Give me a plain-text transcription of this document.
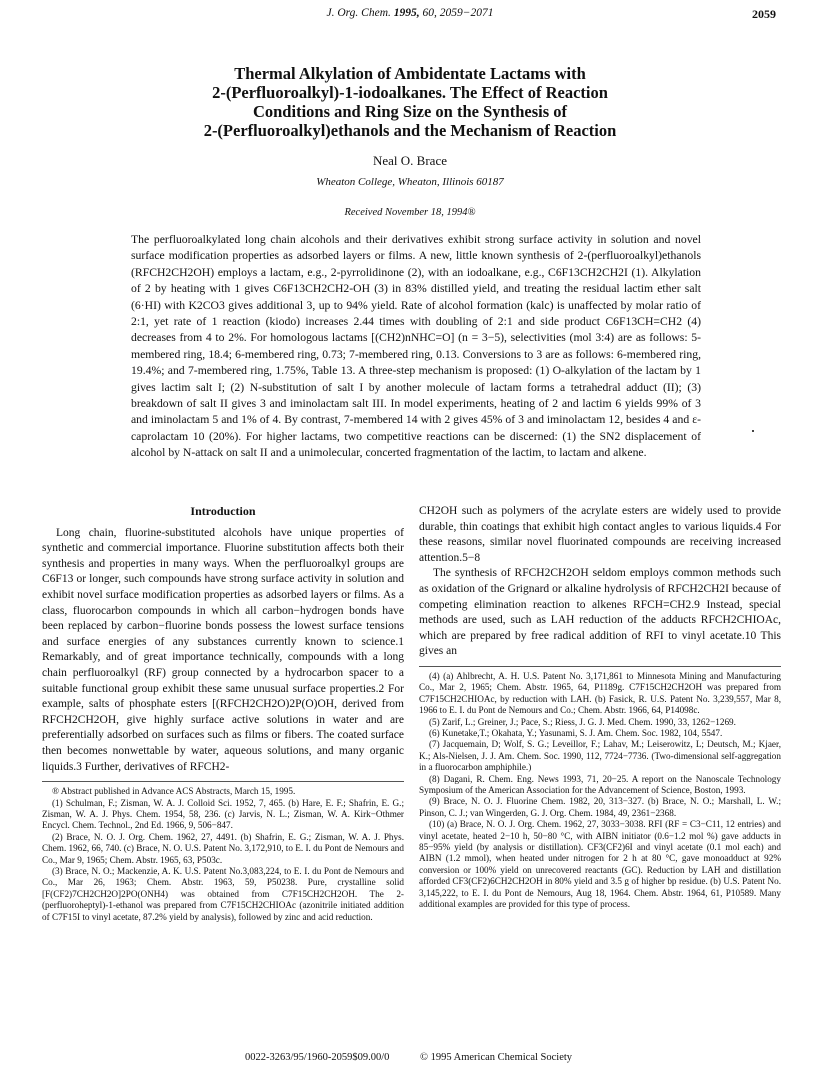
J. Org. Chem. 1995, 60, 2059−2071	2059
Thermal Alkylation of Ambidentate Lactams with
2-(Perfluoroalkyl)-1-iodoalkanes. The Effect of Reaction
Conditions and Ring Size on the Synthesis of
2-(Perfluoroalkyl)ethanols and the Mechanism of Reaction
Neal O. Brace
Wheaton College, Wheaton, Illinois 60187
Received November 18, 1994®

The perfluoroalkylated long chain alcohols and their derivatives exhibit strong surface activity in solution and novel surface modification properties as adsorbed layers or films. A new, little known synthesis of 2-(perfluoroalkyl)ethanols (RFCH2CH2OH) employs a lactam, e.g., 2-pyrrolidinone (2), with an iodoalkane, e.g., C6F13CH2CH2I (1). Alkylation of 2 by heating with 1 gives C6F13CH2CH2-OH (3) in 83% distilled yield, and treating the residual lactim ether salt (6·HI) with K2CO3 gives additional 3, up to 94% yield. Rate of alcohol formation (kalc) is unaffected by molar ratio of 2:1, yet rate of 1 reaction (kiodo) increases 2.44 times with doubling of 2:1 and side product C6F13CH=CH2 (4) decreases from 4 to 2%. For homologous lactams [(CH2)nNHC=O] (n = 3−5), selectivities (mol 3:4) are as follows: 5-membered ring, 18.4; 6-membered ring, 0.73; 7-membered ring, 0.13. Conversions to 3 are as follows: 6-membered ring, 19.4%; and 7-membered ring, 1.75%, Table 13. A three-step mechanism is proposed: (1) O-alkylation of the lactam by 1 gives lactim salt I; (2) N-substitution of salt I by another molecule of lactam forms a tetrahedral adduct (II); (3) breakdown of salt II gives 3 and iminolactam salt III. In model experiments, heating of 2 and lactim 6 yields 99% of 3 and iminolactam 5 and 1% of 4. By contrast, 7-membered 14 with 2 gives 45% of 3 and iminolactam 12, besides 4 and ε-caprolactam 10 (20%). For higher lactams, two competitive reactions can be discerned: (1) the SN2 displacement of alcohol by N-attack on salt II and a unimolecular, concerted fragmentation of the lactim, to lactam and alkene.

Introduction

Long chain, fluorine-substituted alcohols have unique properties of synthetic and commercial importance. Fluorine substitution affects both their synthesis and properties in many ways. When the perfluoroalkyl groups are C6F13 or longer, such compounds have strong surface activity in solution and exhibit novel surface modification properties as adsorbed layers or films. As a class, fluorocarbon compounds in which all carbon−hydrogen bonds have been replaced by carbon−fluorine bonds possess the lowest surface tensions and surface energies of any substances currently known to science.1 Remarkably, and of great importance technically, compounds with a long chain perfluoroalkyl (RF) group connected by a hydrocarbon spacer to a suitable functional group exhibit these same unusual surface properties.2 For example, salts of phosphate esters [(RFCH2CH2O)2P(O)OH, derived from RFCH2CH2OH, give highly surface active solutions in water and are preferentially adsorbed on surfaces such as films or fibers. The coated surface then becomes nonwettable by water, aqueous solutions, and many organic liquids.3 Further, derivatives of RFCH2-

® Abstract published in Advance ACS Abstracts, March 15, 1995.

(1) Schulman, F.; Zisman, W. A. J. Colloid Sci. 1952, 7, 465. (b) Hare, E. F.; Shafrin, E. G.; Zisman, W. A. J. Phys. Chem. 1954, 58, 236. (c) Jarvis, N. L.; Zisman, W. A. Kirk−Othmer Encycl. Chem. Technol., 2nd Ed. 1966, 9, 506−847.

(2) Brace, N. O. J. Org. Chem. 1962, 27, 4491. (b) Shafrin, E. G.; Zisman, W. A. J. Phys. Chem. 1962, 66, 740. (c) Brace, N. O. U.S. Patent No. 3,172,910, to E. I. du Pont de Nemours and Co., Mar 9, 1965; Chem. Abstr. 1965, 63, P503c.

(3) Brace, N. O.; Mackenzie, A. K. U.S. Patent No.3,083,224, to E. I. du Pont de Nemours and Co., Mar 26, 1963; Chem. Abstr. 1963, 59, P50238. Pure, crystalline solid [F(CF2)7CH2CH2O]2PO(ONH4) was obtained from C7F15CH2CH2OH. The 2-(perfluoroheptyl)-1-ethanol was prepared from C7F15CH2CHIOAc (azonitrile initiated addition of C7F15I to vinyl acetate, 87.2% yield by analysis), followed by zinc and acid reduction.

CH2OH such as polymers of the acrylate esters are widely used to provide durable, thin coatings that exhibit high contact angles to various liquids.4 For these reasons, similar novel fluorinated compounds are receiving increased attention.5−8

The synthesis of RFCH2CH2OH seldom employs common methods such as oxidation of the Grignard or alkaline hydrolysis of RFCH2CH2I because of competing elimination reaction to alkenes RFCH=CH2.9 Instead, special methods are used, such as LAH reduction of the adducts RFCH2CHIOAc, which are prepared by free radical addition of RFI to vinyl acetate.10 This gives an

(4) (a) Ahlbrecht, A. H. U.S. Patent No. 3,171,861 to Minnesota Mining and Manufacturing Co., Mar 2, 1965; Chem. Abstr. 1965, 64, P1189g. C7F15CH2CH2OH was prepared from C7F15CH2CHIOAc, by reduction with LAH. (b) Fasick, R. U.S. Patent No. 3,239,557, Mar 8, 1966 to E. I. du Pont de Nemours and Co.; Chem. Abstr. 1966, 64, P14098c.

(5) Zarif, L.; Greiner, J.; Pace, S.; Riess, J. G. J. Med. Chem. 1990, 33, 1262−1269.

(6) Kunetake,T.; Okahata, Y.; Yasunami, S. J. Am. Chem. Soc. 1982, 104, 5547.

(7) Jacquemain, D; Wolf, S. G.; Leveillor, F.; Lahav, M.; Leiserowitz, L; Deutsch, M.; Kjaer, K.; Als-Nielsen, J. J. Am. Chem. Soc. 1990, 112, 7724−7736. (Two-dimensional self-aggregation in a fluorocarbon amphiphile.)

(8) Dagani, R. Chem. Eng. News 1993, 71, 20−25. A report on the Nanoscale Technology Symposium of the American Association for the Advancement of Science, Boston, 1993.

(9) Brace, N. O. J. Fluorine Chem. 1982, 20, 313−327. (b) Brace, N. O.; Marshall, L. W.; Pinson, C. J.; van Wingerden, G. J. Org. Chem. 1984, 49, 2361−2368.

(10) (a) Brace, N. O. J. Org. Chem. 1962, 27, 3033−3038. RFI (RF = C3−C11, 12 entries) and vinyl acetate, heated 2−10 h, 50−80 °C, with AIBN initiator (0.6−1.2 mol %) gave adducts in 85−95% yield (by analysis or distillation). CF3(CF2)6I and vinyl acetate (0.1 mol each) and AIBN (1.2 mmol), when heated under nitrogen for 2 h at 80 °C, gave monoadduct at 92% conversion or 100% yield on unrecovered reactants (GC). Reduction by LAH and distillation afforded CF3(CF2)6CH2CH2OH in 80% yield and 3.5 g of higher bp residue. (b) U.S. Patent No. 3,145,222, to E. I. du Pont de Nemours, Aug 18, 1964. Chem. Abstr. 1964, 61, P10589. Many additional examples are provided for this type of process.

0022-3263/95/1960-2059$09.00/0	© 1995 American Chemical Society
